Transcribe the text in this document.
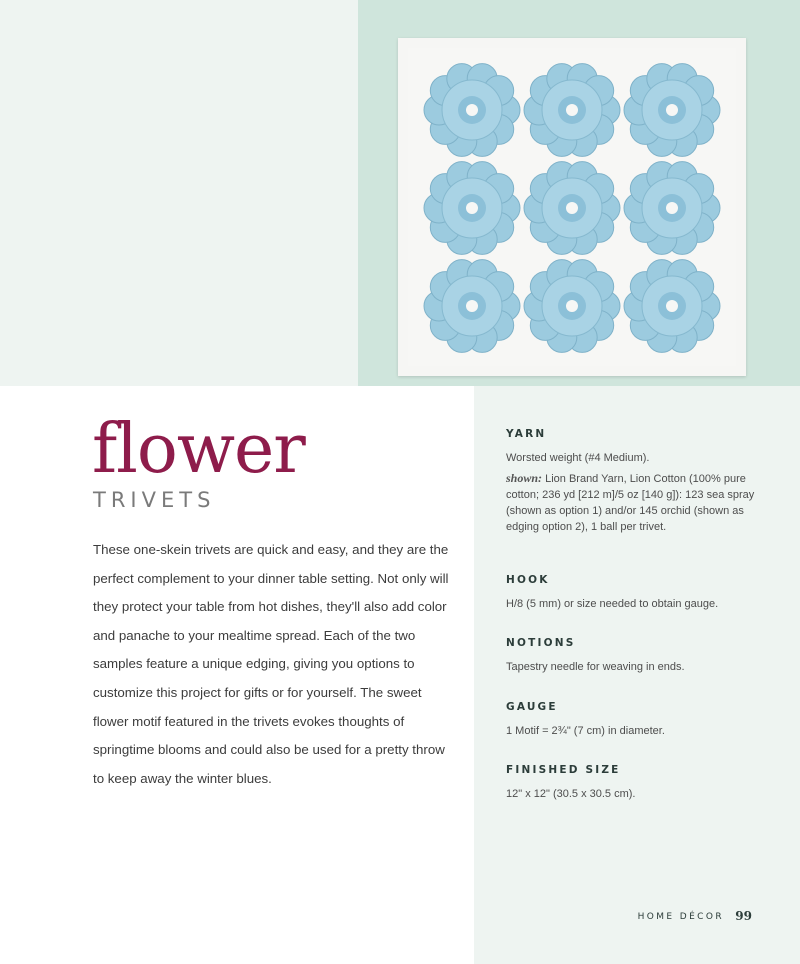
flower
TRIVETS
These one-skein trivets are quick and easy, and they are the perfect complement to your dinner table setting. Not only will they protect your table from hot dishes, they'll also add color and panache to your mealtime spread. Each of the two samples feature a unique edging, giving you options to customize this project for gifts or for yourself. The sweet flower motif featured in the trivets evokes thoughts of springtime blooms and could also be used for a pretty throw to keep away the winter blues.
YARN
Worsted weight (#4 Medium).
shown: Lion Brand Yarn, Lion Cotton (100% pure cotton; 236 yd [212 m]/5 oz [140 g]): 123 sea spray (shown as option 1) and/or 145 orchid (shown as edging option 2), 1 ball per trivet.
HOOK
H/8 (5 mm) or size needed to obtain gauge.
NOTIONS
Tapestry needle for weaving in ends.
GAUGE
1 Motif = 2¾" (7 cm) in diameter.
FINISHED SIZE
12" x 12" (30.5 x 30.5 cm).
HOME DÉCOR 99
